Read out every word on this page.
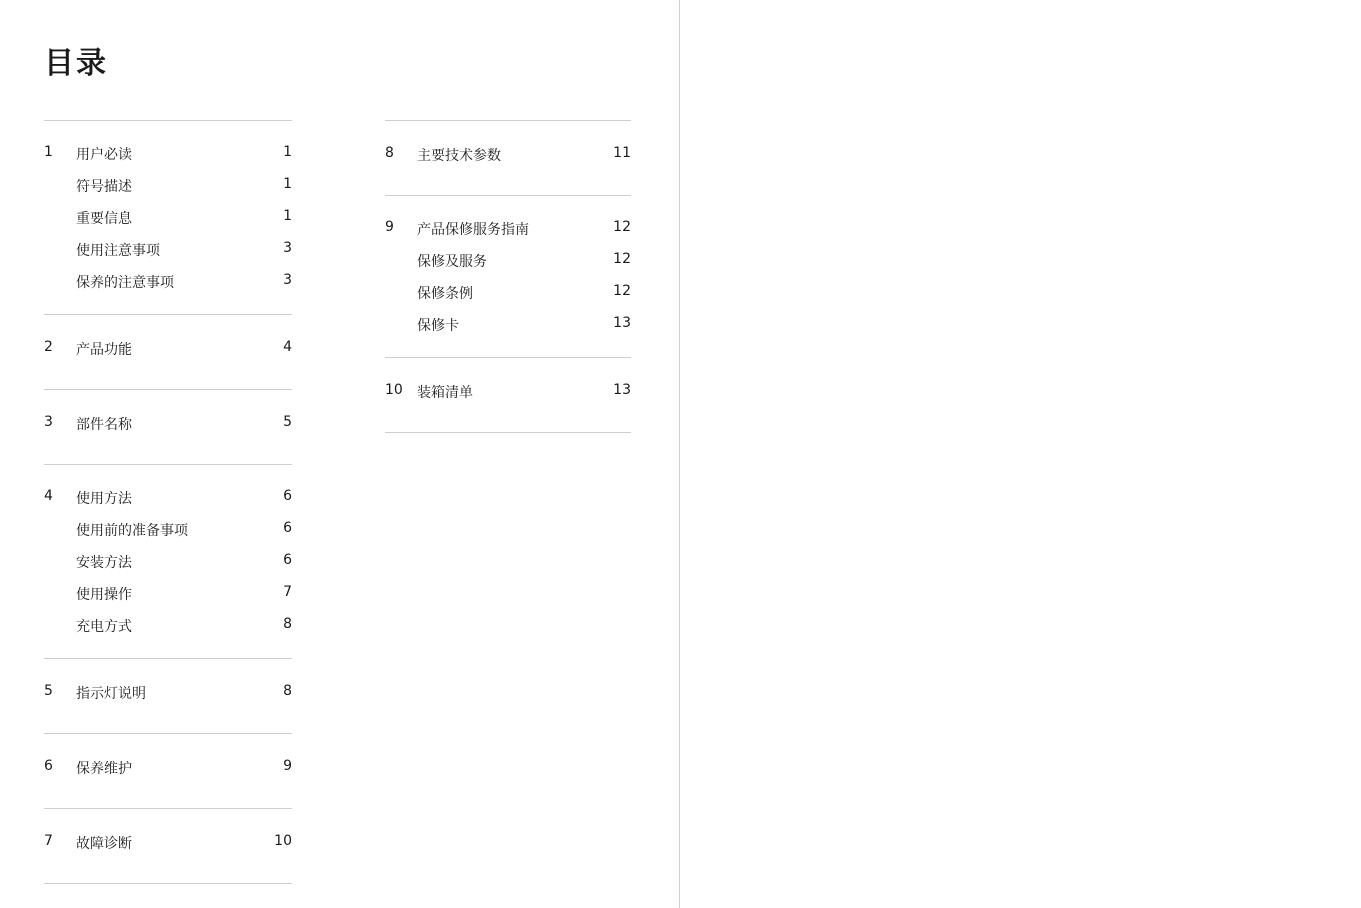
目录
1 用户必读	1
符号描述	1
重要信息	1
使用注意事项	3
保养的注意事项	3
2 产品功能	4
3 部件名称	5
4 使用方法	6
使用前的准备事项	6
安装方法	6
使用操作	7
充电方式	8
5 指示灯说明	8
6 保养维护	9
7 故障诊断	10
8 主要技术参数	11
9 产品保修服务指南	12
保修及服务	12
保修条例	12
保修卡	13
10 装箱清单	13
